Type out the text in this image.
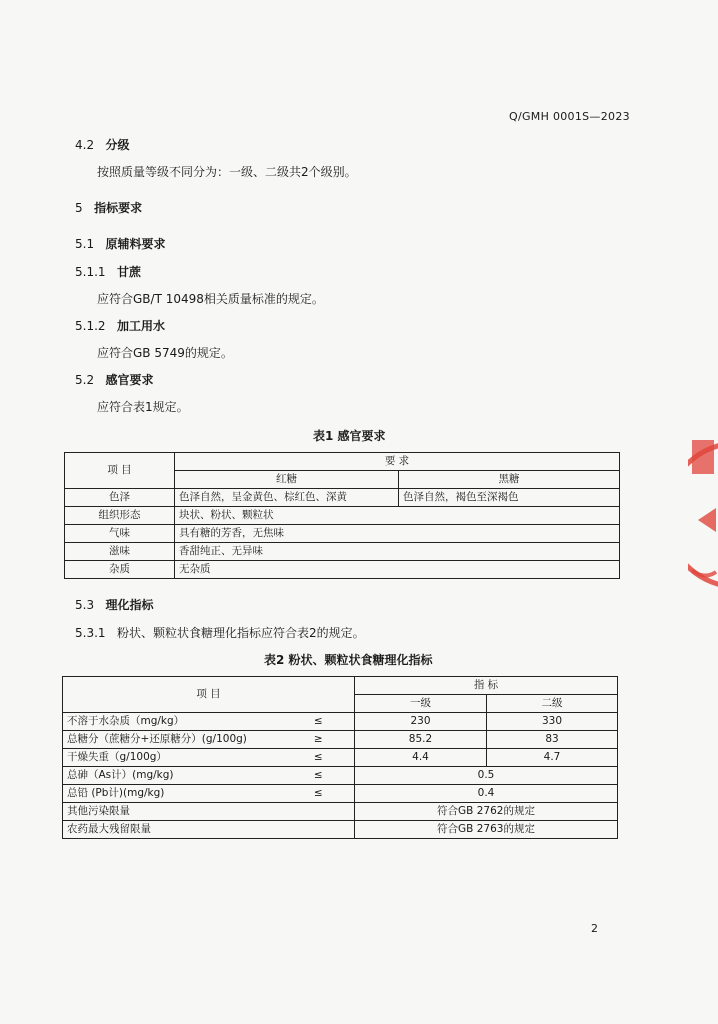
Q/GMH 0001S—2023
4.2 分级
按照质量等级不同分为：一级、二级共2个级别。
5 指标要求
5.1 原辅料要求
5.1.1 甘蔗
应符合GB/T 10498相关质量标准的规定。
5.1.2 加工用水
应符合GB 5749的规定。
5.2 感官要求
应符合表1规定。
表1 感官要求
项 目	要 求	
	红糖	黑糖
色泽	色泽自然，呈金黄色、棕红色、深黄	色泽自然，褐色至深褐色
组织形态	块状、粉状、颗粒状	
气味	具有糖的芳香，无焦味	
滋味	香甜纯正、无异味	
杂质	无杂质	
5.3 理化指标
5.3.1 粉状、颗粒状食糖理化指标应符合表2的规定。
表2 粉状、颗粒状食糖理化指标
项 目		指 标	
		一级	二级
不溶于水杂质（mg/kg）	≤	230	330
总糖分（蔗糖分+还原糖分）(g/100g)	≥	85.2	83
干燥失重（g/100g）	≤	4.4	4.7
总砷（As计）(mg/kg)	≤	0.5	
总铅 (Pb计)(mg/kg)	≤	0.4	
其他污染限量		符合GB 2762的规定	
农药最大残留限量		符合GB 2763的规定	
2
